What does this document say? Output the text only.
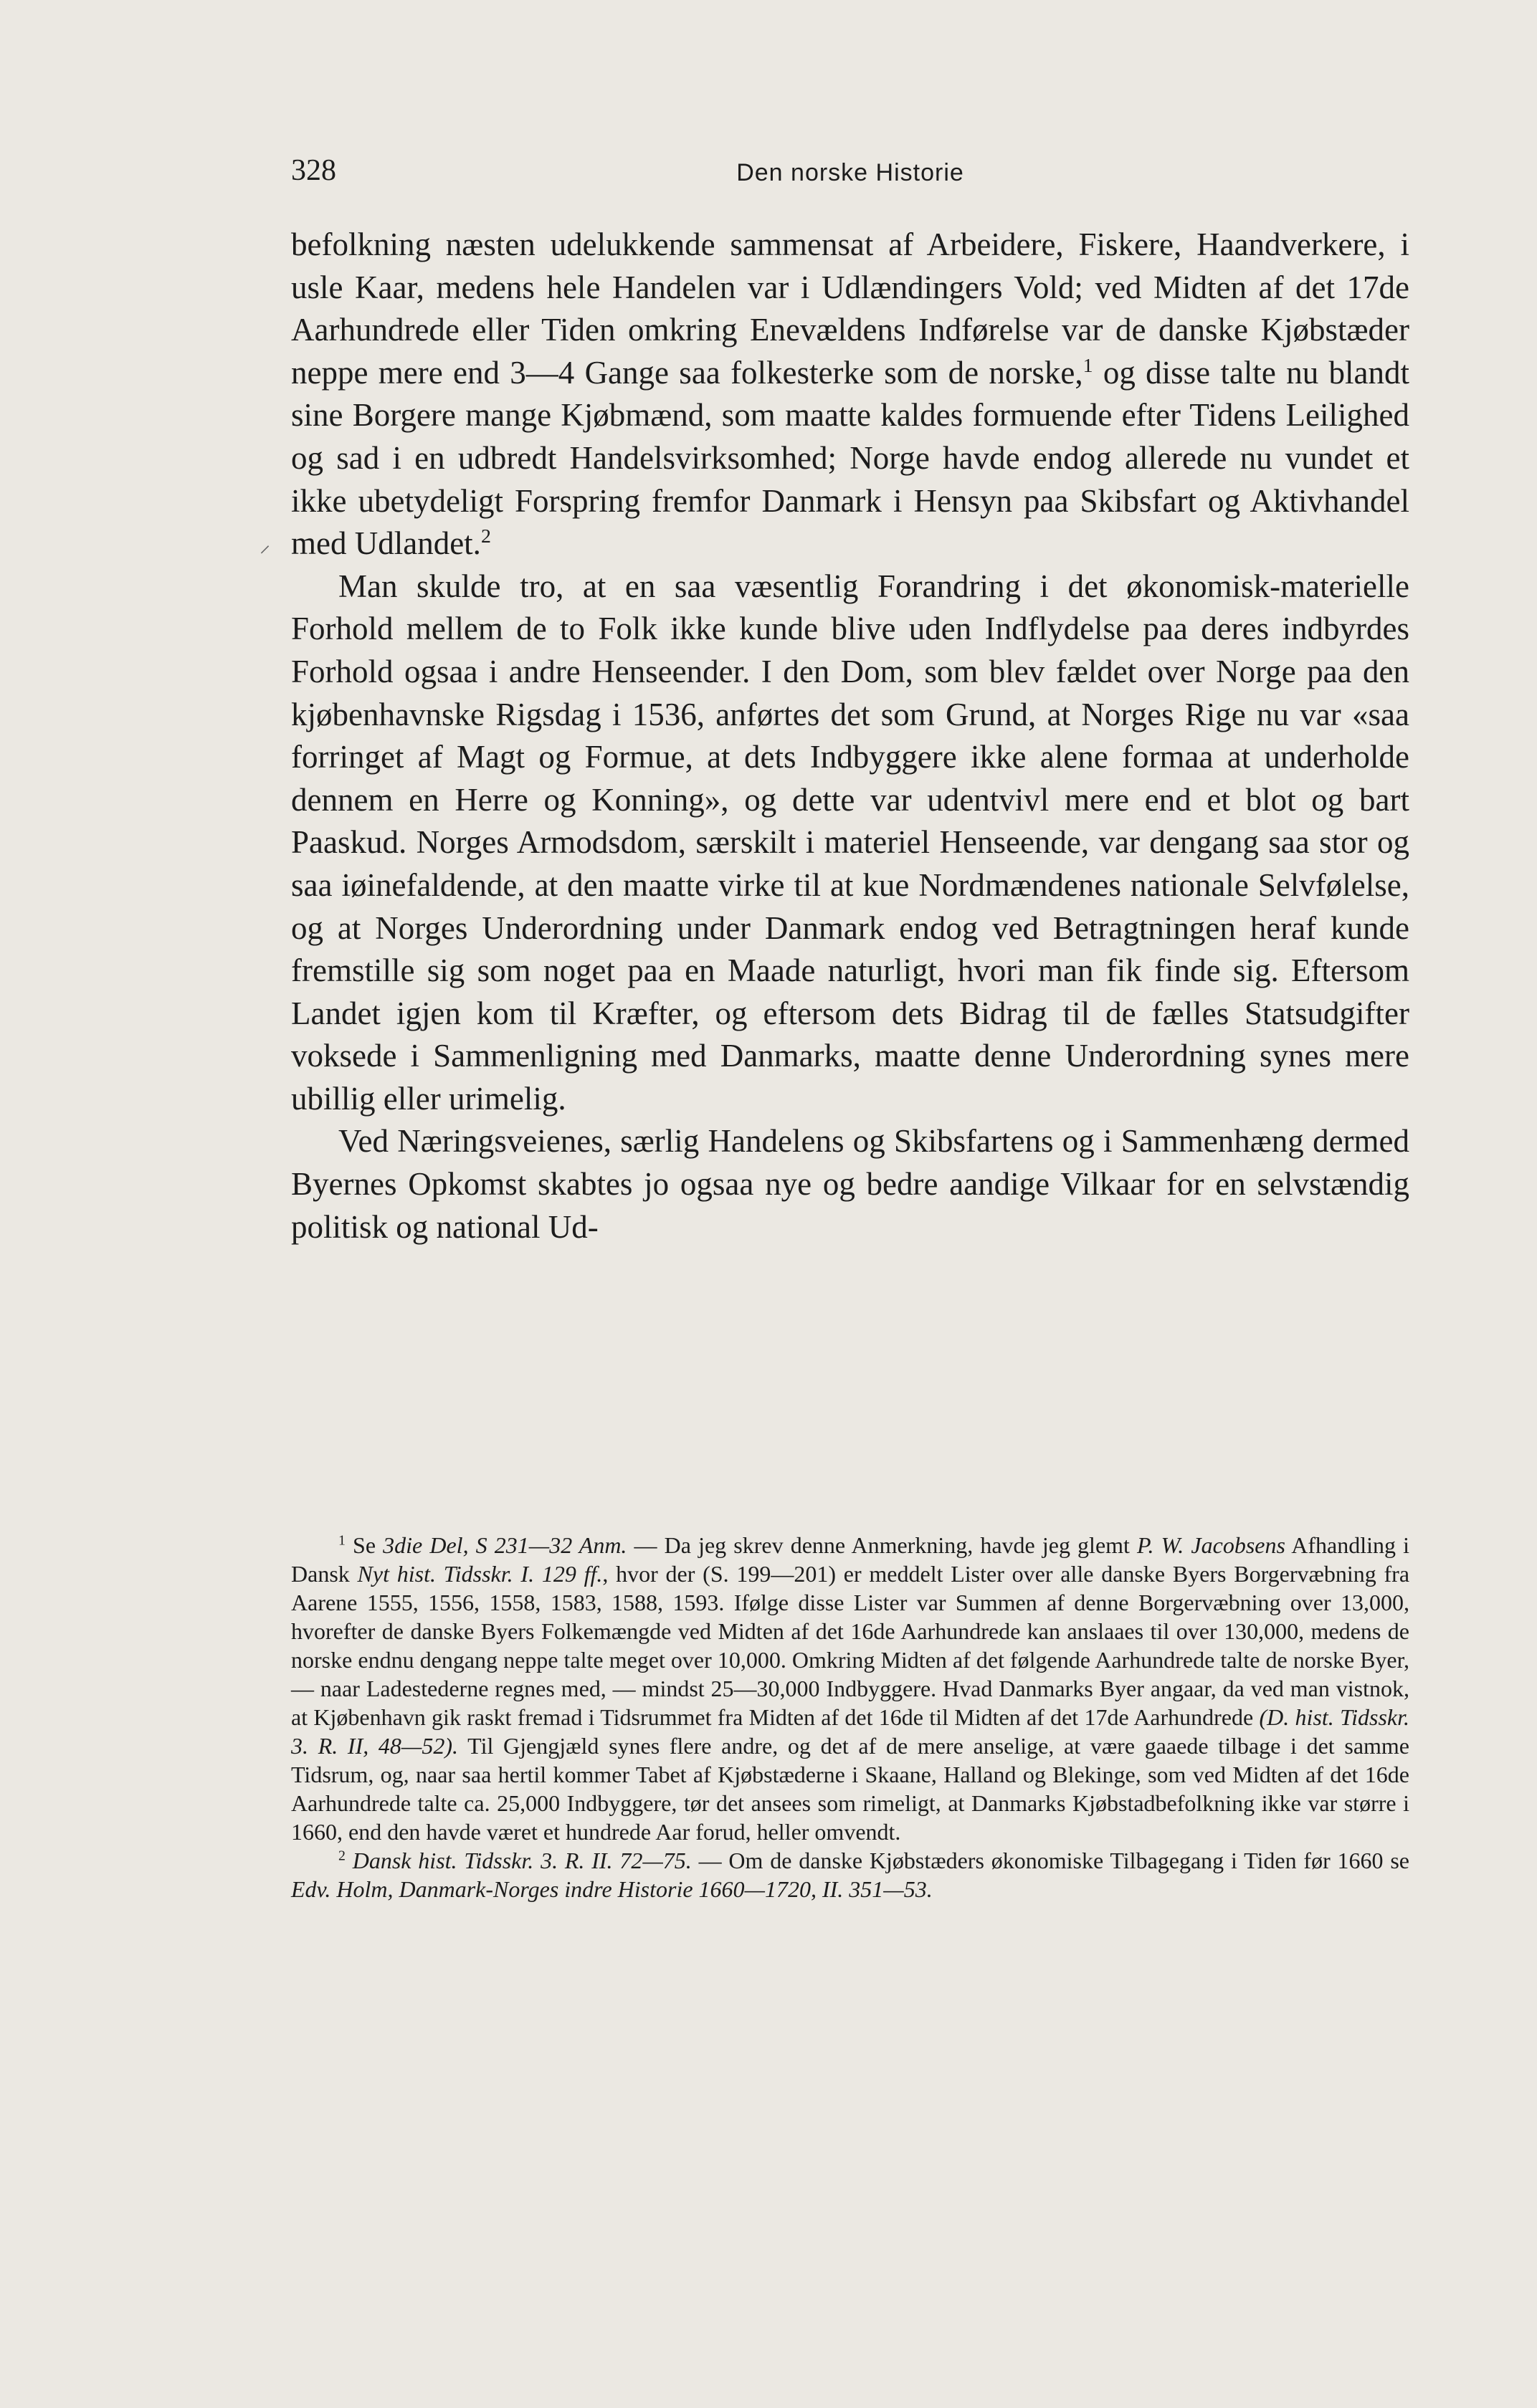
328	Den norske Historie
⸝

befolkning næsten udelukkende sammensat af Arbeidere, Fiskere, Haandverkere, i usle Kaar, medens hele Handelen var i Udlændingers Vold; ved Midten af det 17de Aarhundrede eller Tiden omkring Enevældens Indførelse var de danske Kjøbstæder neppe mere end 3—4 Gange saa folkesterke som de norske,$^1$ og disse talte nu blandt sine Borgere mange Kjøbmænd, som maatte kaldes formuende efter Tidens Leilighed og sad i en udbredt Handelsvirksomhed; Norge havde endog allerede nu vundet et ikke ubetydeligt Forspring fremfor Danmark i Hensyn paa Skibsfart og Aktivhandel med Udlandet.$^2$

Man skulde tro, at en saa væsentlig Forandring i det økonomisk-materielle Forhold mellem de to Folk ikke kunde blive uden Indflydelse paa deres indbyrdes Forhold ogsaa i andre Henseender. I den Dom, som blev fældet over Norge paa den kjøbenhavnske Rigsdag i 1536, anførtes det som Grund, at Norges Rige nu var «saa forringet af Magt og Formue, at dets Indbyggere ikke alene formaa at underholde dennem en Herre og Konning», og dette var udentvivl mere end et blot og bart Paaskud. Norges Armodsdom, særskilt i materiel Henseende, var dengang saa stor og saa iøinefaldende, at den maatte virke til at kue Nordmændenes nationale Selvfølelse, og at Norges Underordning under Danmark endog ved Betragtningen heraf kunde fremstille sig som noget paa en Maade naturligt, hvori man fik finde sig. Eftersom Landet igjen kom til Kræfter, og eftersom dets Bidrag til de fælles Statsudgifter voksede i Sammenligning med Danmarks, maatte denne Underordning synes mere ubillig eller urimelig.

Ved Næringsveienes, særlig Handelens og Skibsfartens og i Sammenhæng dermed Byernes Opkomst skabtes jo ogsaa nye og bedre aandige Vilkaar for en selvstændig politisk og national Ud-

$^1$ Se 3die Del, S 231—32 Anm. — Da jeg skrev denne Anmerkning, havde jeg glemt P. W. Jacobsens Afhandling i Dansk Nyt hist. Tidsskr. I. 129 ff., hvor der (S. 199—201) er meddelt Lister over alle danske Byers Borgervæbning fra Aarene 1555, 1556, 1558, 1583, 1588, 1593. Ifølge disse Lister var Summen af denne Borgervæbning over 13,000, hvorefter de danske Byers Folkemængde ved Midten af det 16de Aarhundrede kan anslaaes til over 130,000, medens de norske endnu dengang neppe talte meget over 10,000. Omkring Midten af det følgende Aarhundrede talte de norske Byer, — naar Ladestederne regnes med, — mindst 25—30,000 Indbyggere. Hvad Danmarks Byer angaar, da ved man vistnok, at Kjøbenhavn gik raskt fremad i Tidsrummet fra Midten af det 16de til Midten af det 17de Aarhundrede (D. hist. Tidsskr. 3. R. II, 48—52). Til Gjengjæld synes flere andre, og det af de mere anselige, at være gaaede tilbage i det samme Tidsrum, og, naar saa hertil kommer Tabet af Kjøbstæderne i Skaane, Halland og Blekinge, som ved Midten af det 16de Aarhundrede talte ca. 25,000 Indbyggere, tør det ansees som rimeligt, at Danmarks Kjøbstadbefolkning ikke var større i 1660, end den havde været et hundrede Aar forud, heller omvendt.

$^2$ Dansk hist. Tidsskr. 3. R. II. 72—75. — Om de danske Kjøbstæders økonomiske Tilbagegang i Tiden før 1660 se Edv. Holm, Danmark-Norges indre Historie 1660—1720, II. 351—53.
